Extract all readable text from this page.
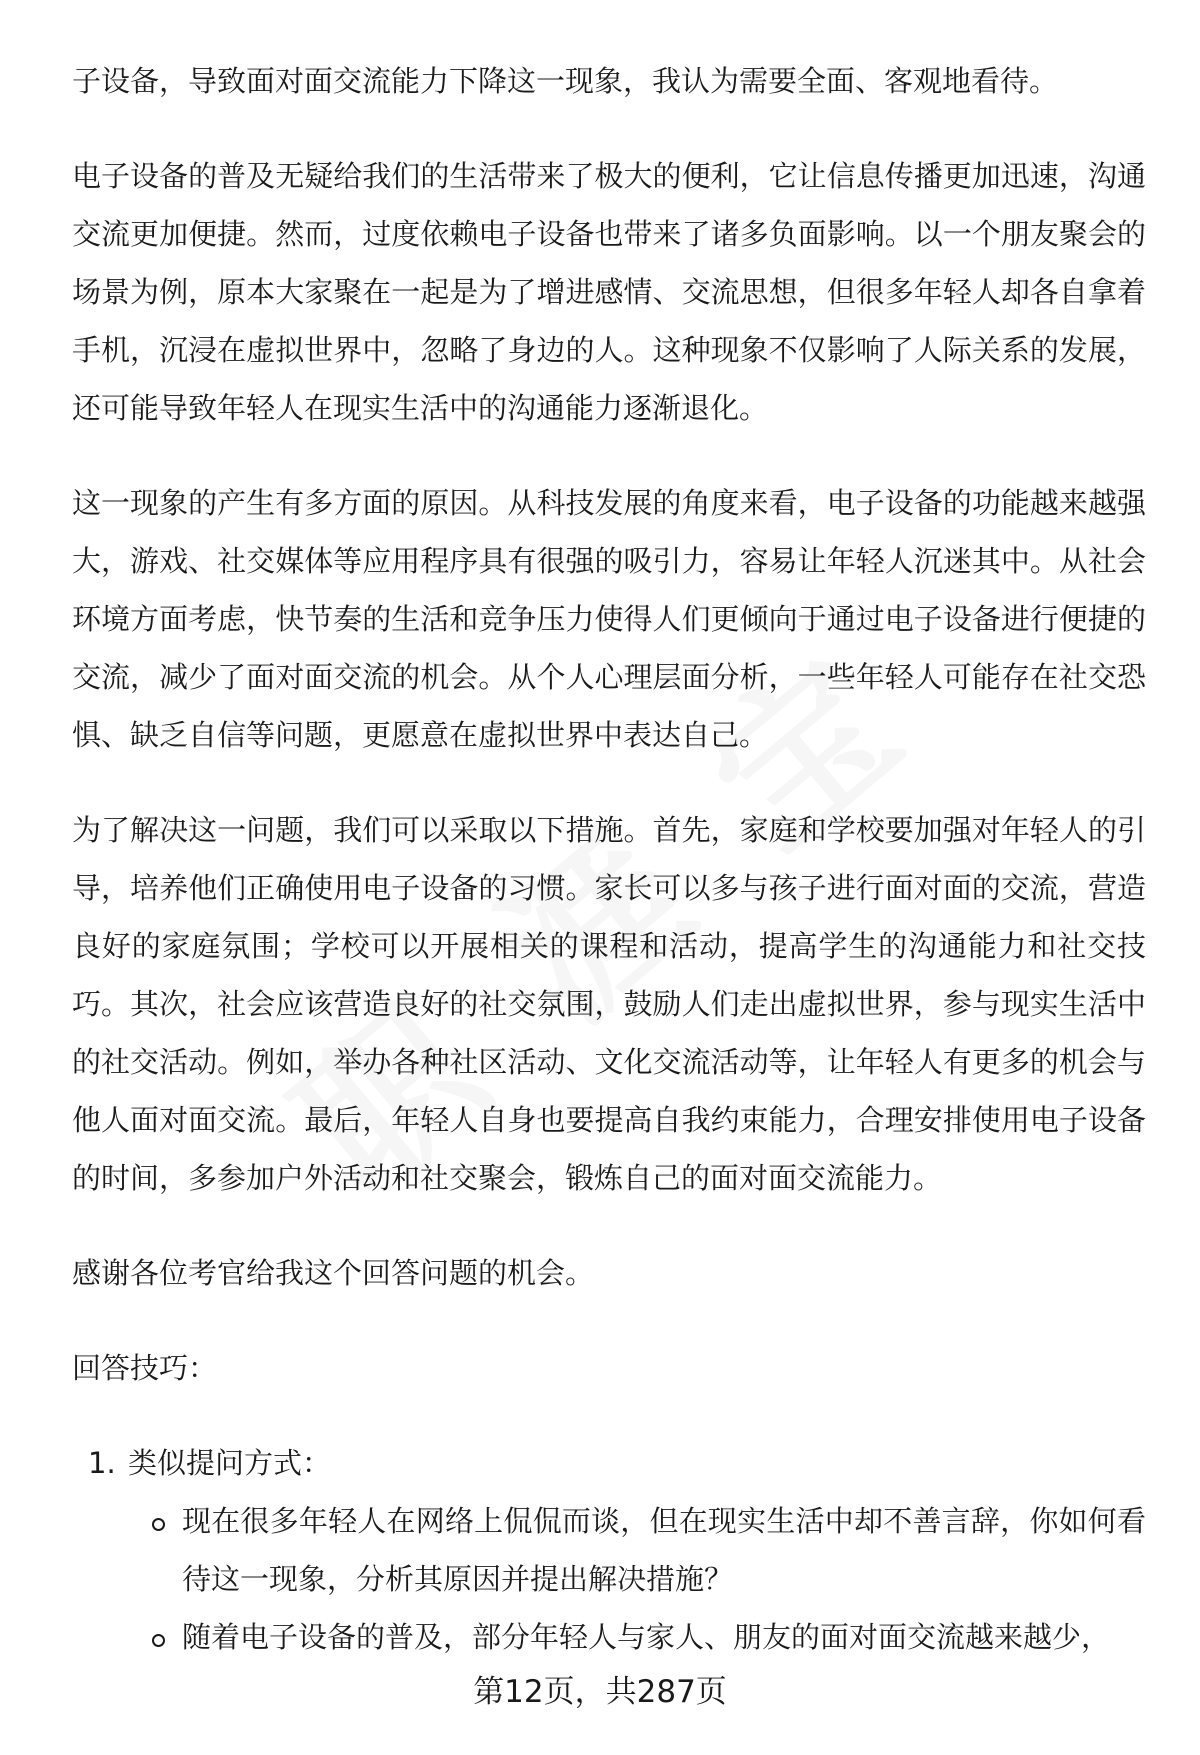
子设备，导致面对面交流能力下降这一现象，我认为需要全面、客观地看待。

电子设备的普及无疑给我们的生活带来了极大的便利，它让信息传播更加迅速，沟通交流更加便捷。然而，过度依赖电子设备也带来了诸多负面影响。以一个朋友聚会的场景为例，原本大家聚在一起是为了增进感情、交流思想，但很多年轻人却各自拿着手机，沉浸在虚拟世界中，忽略了身边的人。这种现象不仅影响了人际关系的发展，还可能导致年轻人在现实生活中的沟通能力逐渐退化。

这一现象的产生有多方面的原因。从科技发展的角度来看，电子设备的功能越来越强大，游戏、社交媒体等应用程序具有很强的吸引力，容易让年轻人沉迷其中。从社会环境方面考虑，快节奏的生活和竞争压力使得人们更倾向于通过电子设备进行便捷的交流，减少了面对面交流的机会。从个人心理层面分析，一些年轻人可能存在社交恐惧、缺乏自信等问题，更愿意在虚拟世界中表达自己。

为了解决这一问题，我们可以采取以下措施。首先，家庭和学校要加强对年轻人的引导，培养他们正确使用电子设备的习惯。家长可以多与孩子进行面对面的交流，营造良好的家庭氛围；学校可以开展相关的课程和活动，提高学生的沟通能力和社交技巧。其次，社会应该营造良好的社交氛围，鼓励人们走出虚拟世界，参与现实生活中的社交活动。例如，举办各种社区活动、文化交流活动等，让年轻人有更多的机会与他人面对面交流。最后，年轻人自身也要提高自我约束能力，合理安排使用电子设备的时间，多参加户外活动和社交聚会，锻炼自己的面对面交流能力。

感谢各位考官给我这个回答问题的机会。

回答技巧：

1. 类似提问方式：
现在很多年轻人在网络上侃侃而谈，但在现实生活中却不善言辞，你如何看待这一现象，分析其原因并提出解决措施？
随着电子设备的普及，部分年轻人与家人、朋友的面对面交流越来越少，
第12页，共287页
